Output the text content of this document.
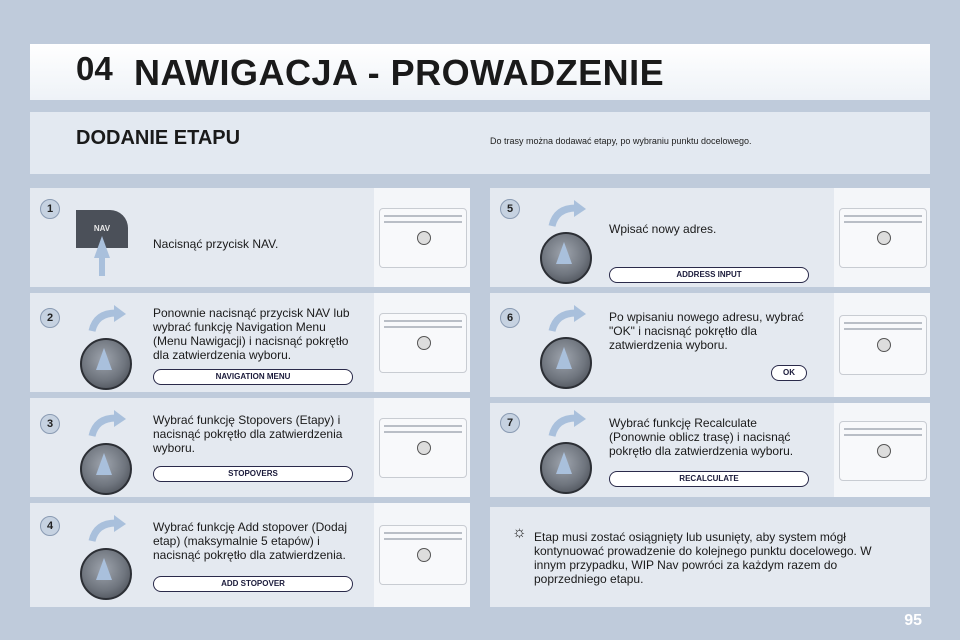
04 NAWIGACJA - PROWADZENIE
DODANIE ETAPU	Do trasy można dodawać etapy, po wybraniu punktu docelowego.
1
NAV
Nacisnąć przycisk NAV.
2	Ponownie nacisnąć przycisk NAV lub wybrać funkcję Navigation Menu (Menu Nawigacji) i nacisnąć pokrętło dla zatwierdzenia wyboru.
NAVIGATION MENU
3	Wybrać funkcję Stopovers (Etapy) i nacisnąć pokrętło dla zatwierdzenia wyboru.
STOPOVERS
4	Wybrać funkcję Add stopover (Dodaj etap) (maksymalnie 5 etapów) i nacisnąć pokrętło dla zatwierdzenia.
ADD STOPOVER
5
Wpisać nowy adres.
ADDRESS INPUT
6	Po wpisaniu nowego adresu, wybrać "OK" i nacisnąć pokrętło dla zatwierdzenia wyboru.
OK
7	Wybrać funkcję Recalculate (Ponownie oblicz trasę) i nacisnąć pokrętło dla zatwierdzenia wyboru.
RECALCULATE
☼ Etap musi zostać osiągnięty lub usunięty, aby system mógł kontynuować prowadzenie do kolejnego punktu docelowego. W innym przypadku, WIP Nav powróci za każdym razem do poprzedniego etapu.
95
